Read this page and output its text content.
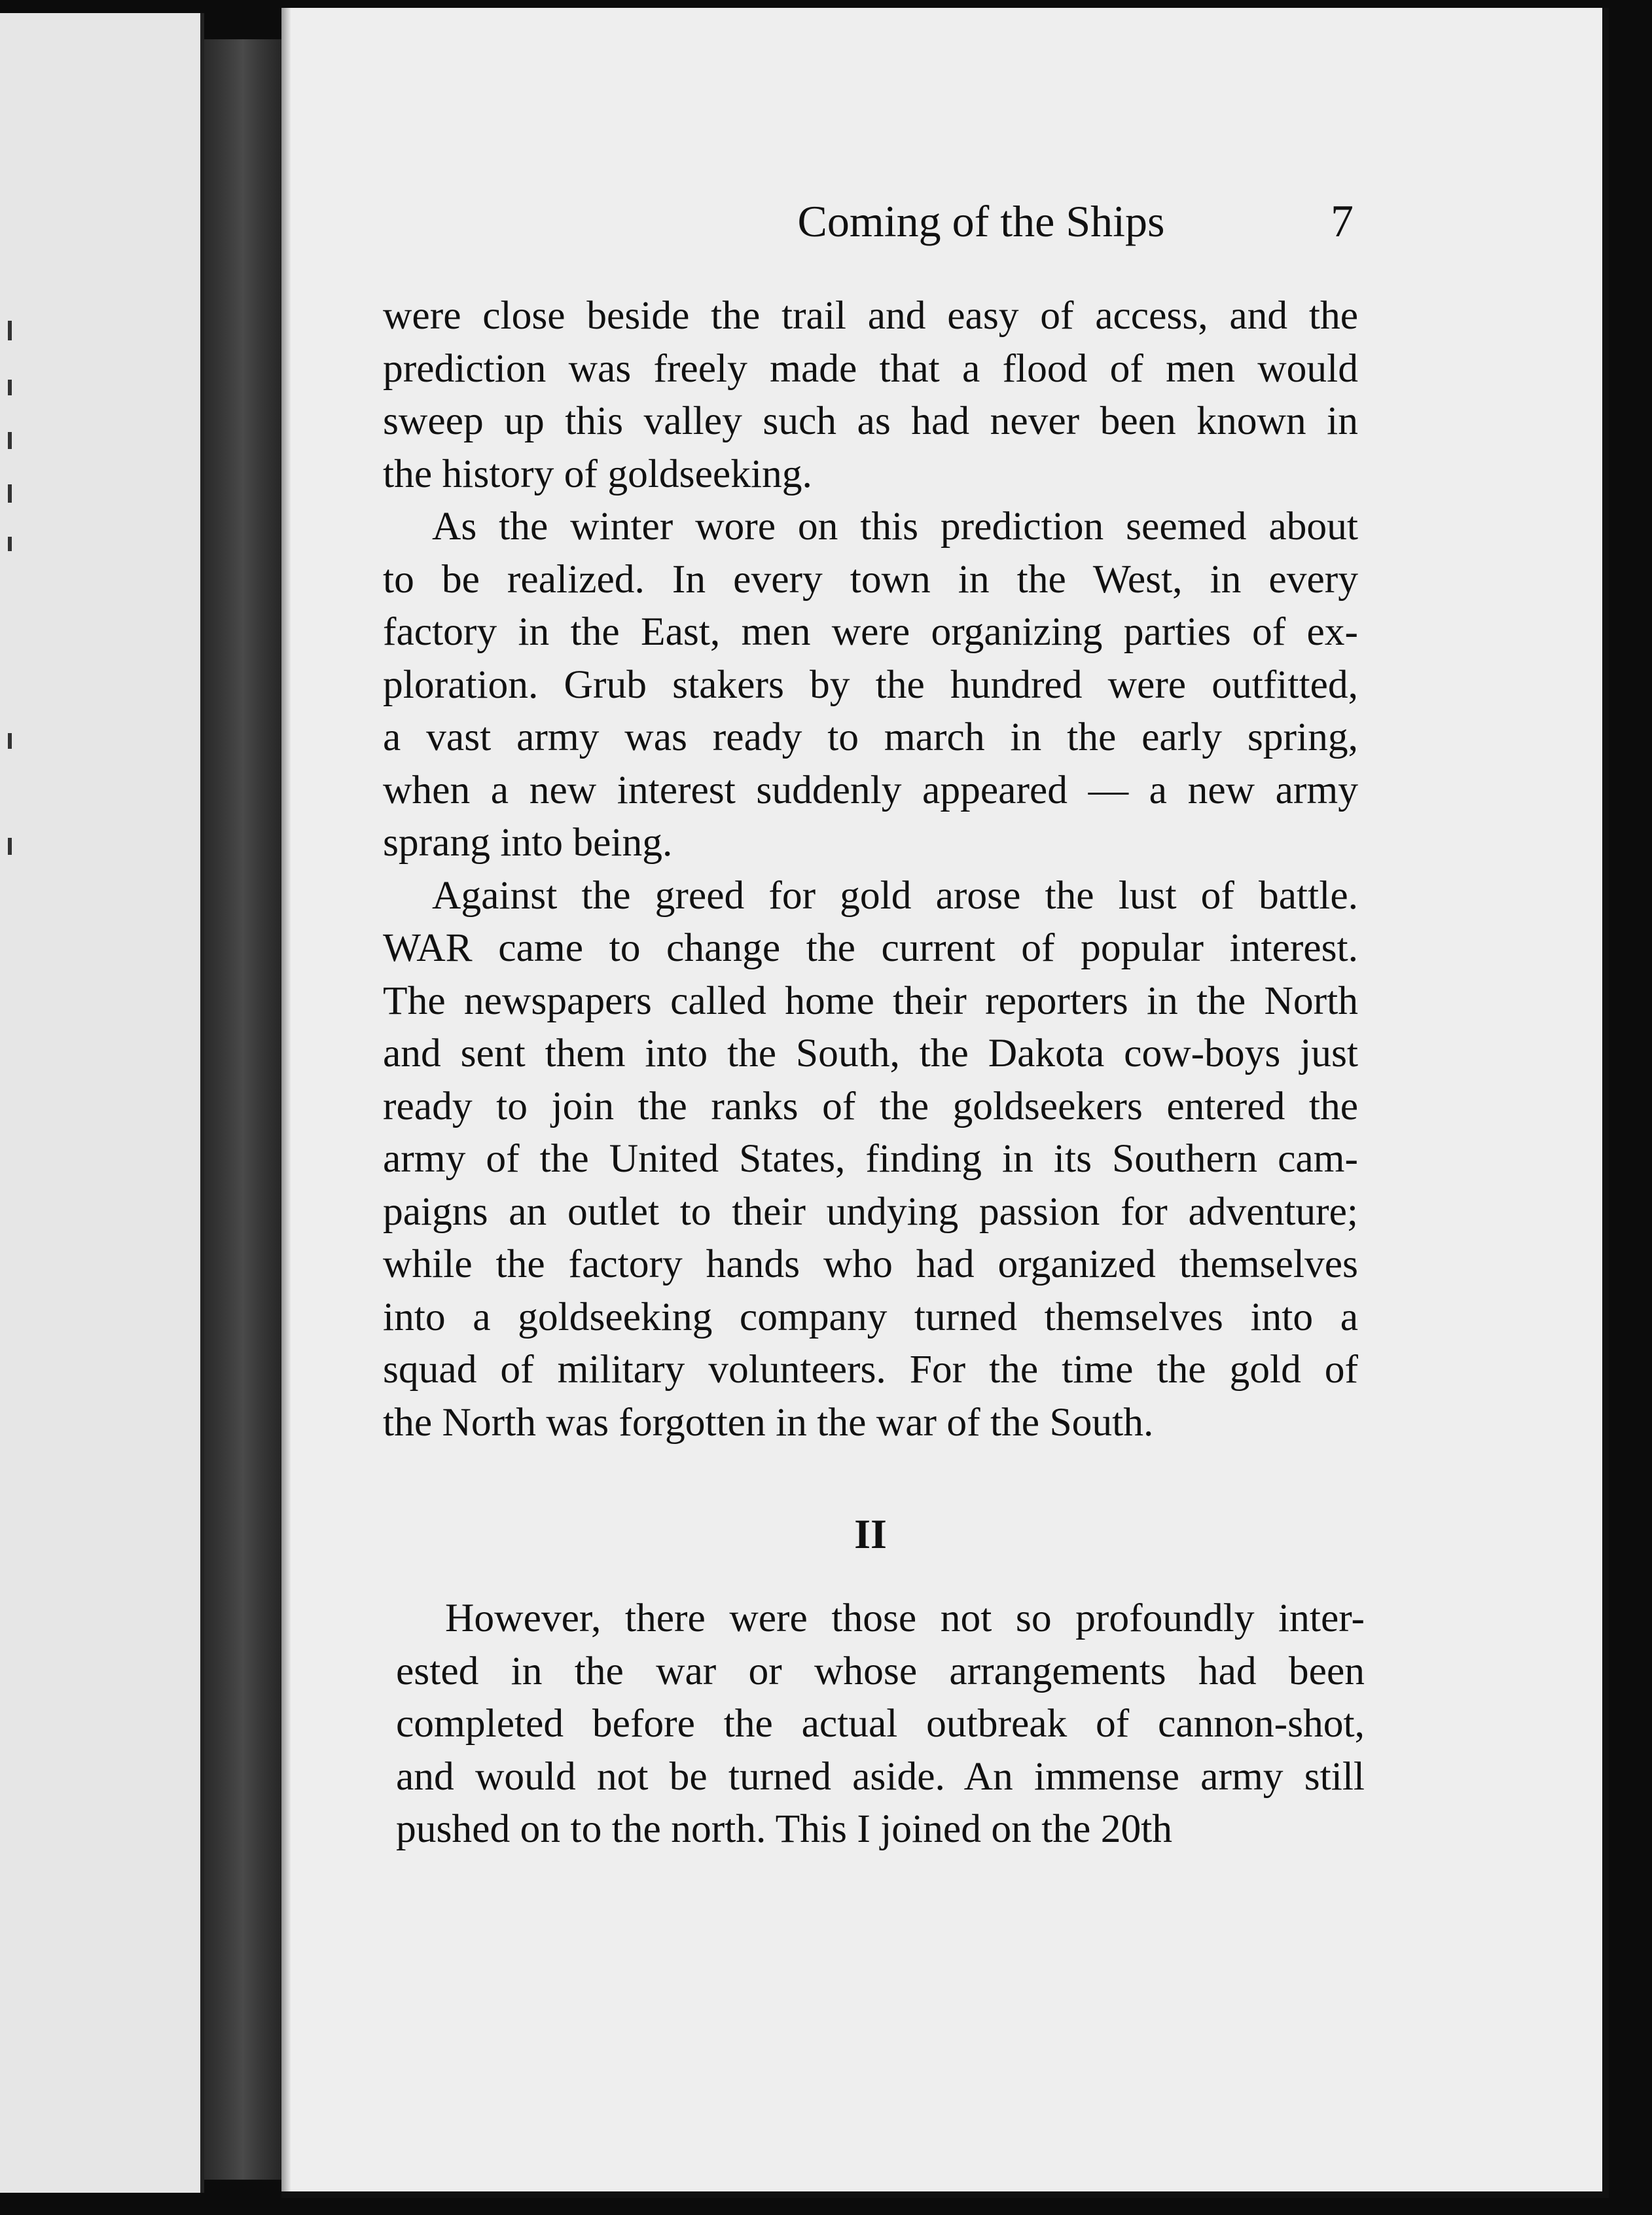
Coming of the Ships	7
were close beside the trail and easy of access, and the
prediction was freely made that a flood of men would
sweep up this valley such as had never been known in
the history of goldseeking.
As the winter wore on this prediction seemed about
to be realized. In every town in the West, in every
factory in the East, men were organizing parties of ex-
ploration. Grub stakers by the hundred were outfitted,
a vast army was ready to march in the early spring,
when a new interest suddenly appeared — a new army
sprang into being.
Against the greed for gold arose the lust of battle.
WAR came to change the current of popular interest.
The newspapers called home their reporters in the North
and sent them into the South, the Dakota cow-boys just
ready to join the ranks of the goldseekers entered the
army of the United States, finding in its Southern cam-
paigns an outlet to their undying passion for adventure;
while the factory hands who had organized themselves
into a goldseeking company turned themselves into a
squad of military volunteers. For the time the gold of
the North was forgotten in the war of the South.
II
However, there were those not so profoundly inter-
ested in the war or whose arrangements had been
completed before the actual outbreak of cannon-shot,
and would not be turned aside. An immense army still
pushed on to the north. This I joined on the 20th
